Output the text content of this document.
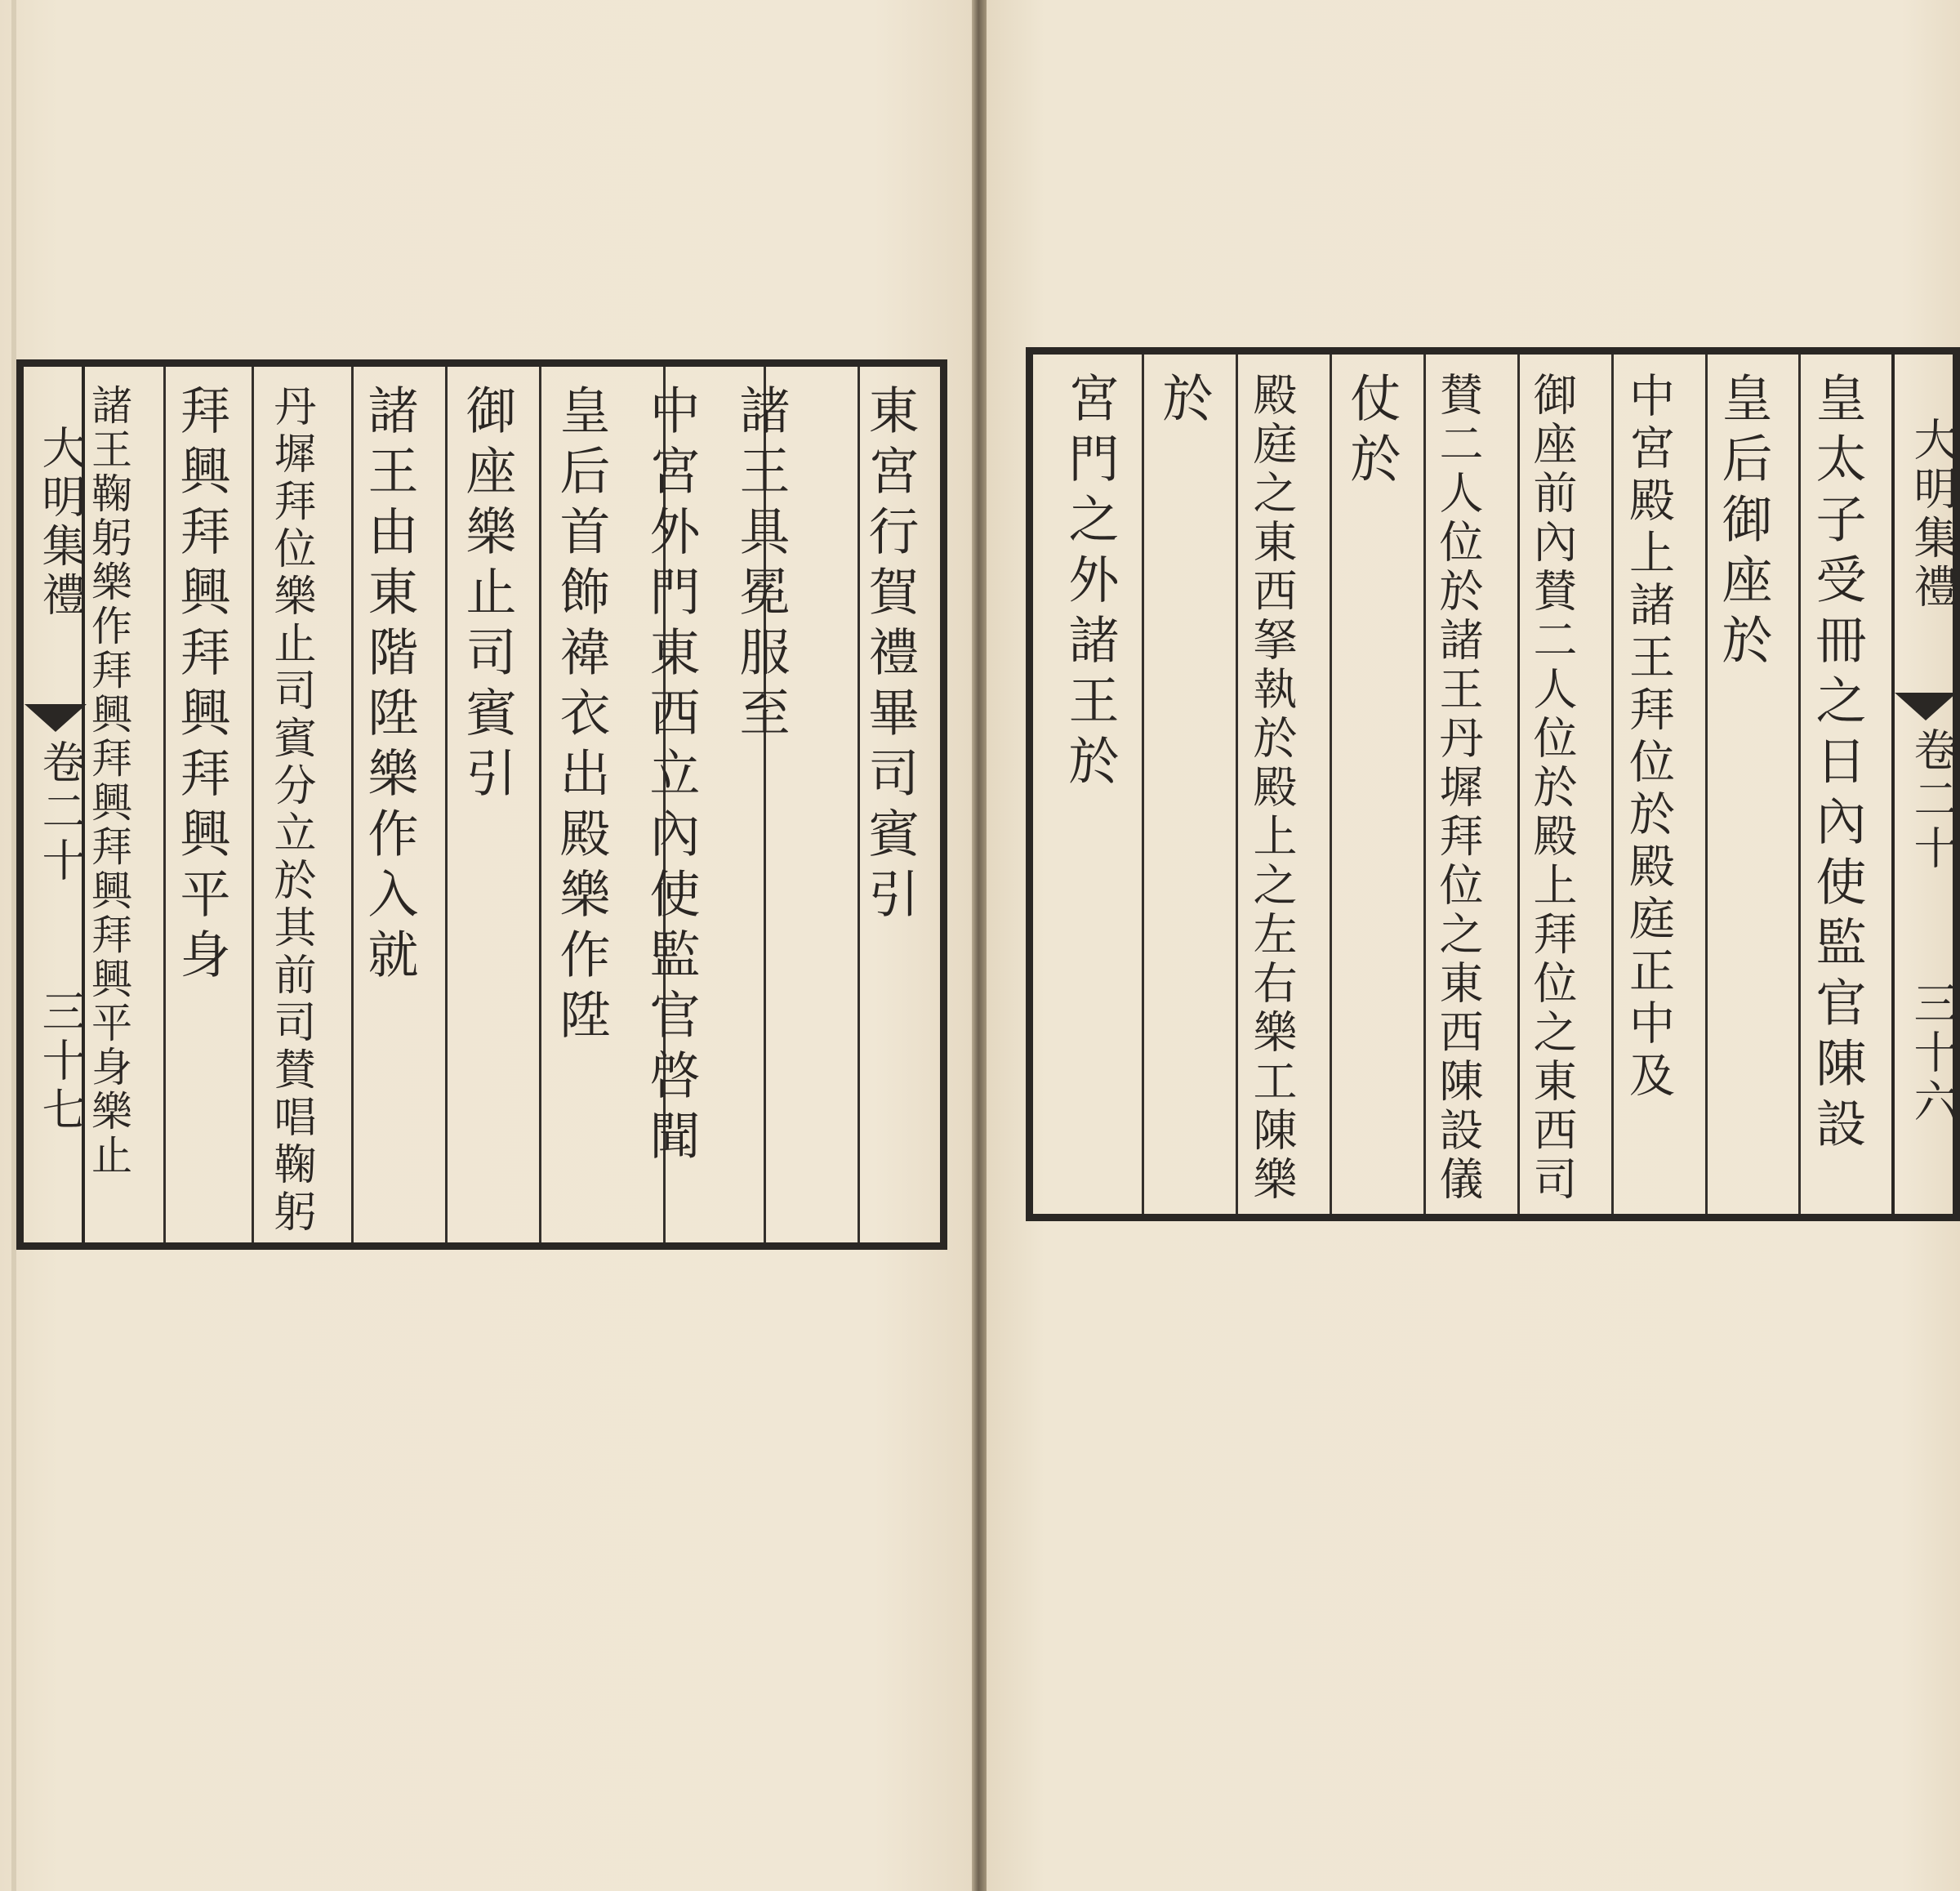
大明集禮
卷二十
三十七
東宮行賀禮畢司賓引
諸王具冕服至
中宮外門東西立內使監官啓聞
皇后首飾褘衣出殿樂作陞
御座樂止司賓引
諸王由東階陞樂作入就
丹墀拜位樂止司賓分立於其前司賛唱鞠躬
拜興拜興拜興拜興平身
諸王鞠躬樂作拜興拜興拜興拜興平身樂止	大明集禮
卷二十
三十六
皇太子受冊之日內使監官陳設
皇后御座於
中宮殿上諸王拜位於殿庭正中及
御座前內賛二人位於殿上拜位之東西司
賛二人位於諸王丹墀拜位之東西陳設儀
仗於
殿庭之東西拏執於殿上之左右樂工陳樂
於
宮門之外諸王於
